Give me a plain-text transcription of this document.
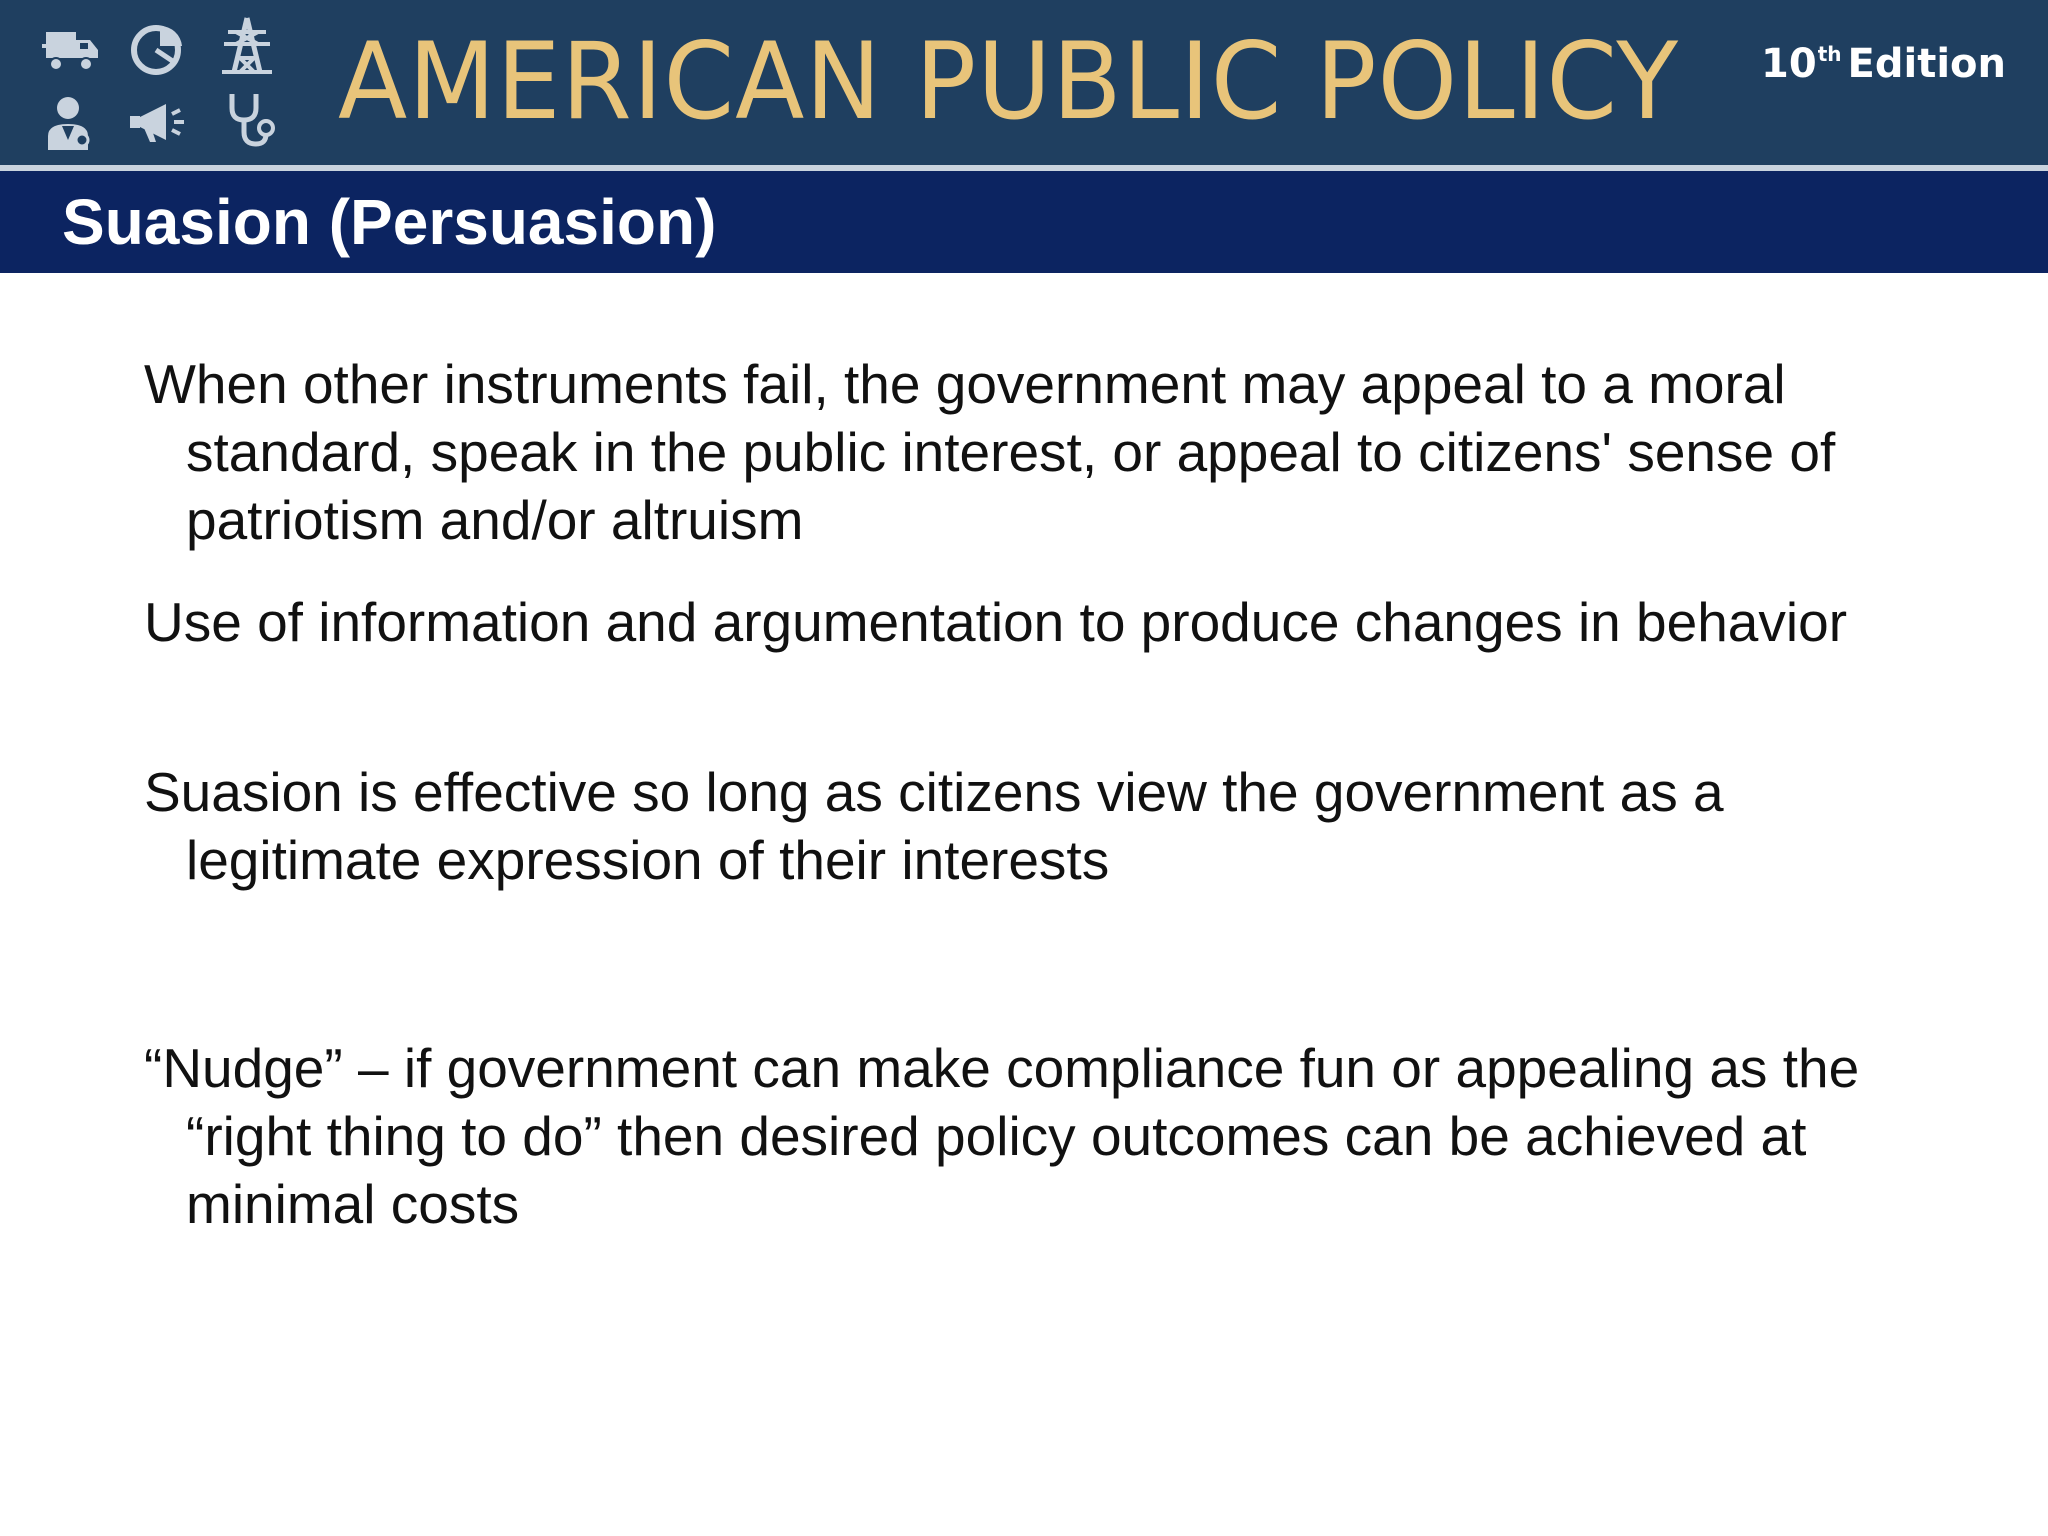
AMERICAN PUBLIC POLICY 10th Edition
Suasion (Persuasion)

When other instruments fail, the government may appeal to a moral standard, speak in the public interest, or appeal to citizens' sense of patriotism and/or altruism

Use of information and argumentation to produce changes in behavior

Suasion is effective so long as citizens view the government as a legitimate expression of their interests

“Nudge” – if government can make compliance fun or appealing as the “right thing to do” then desired policy outcomes can be achieved at minimal costs
